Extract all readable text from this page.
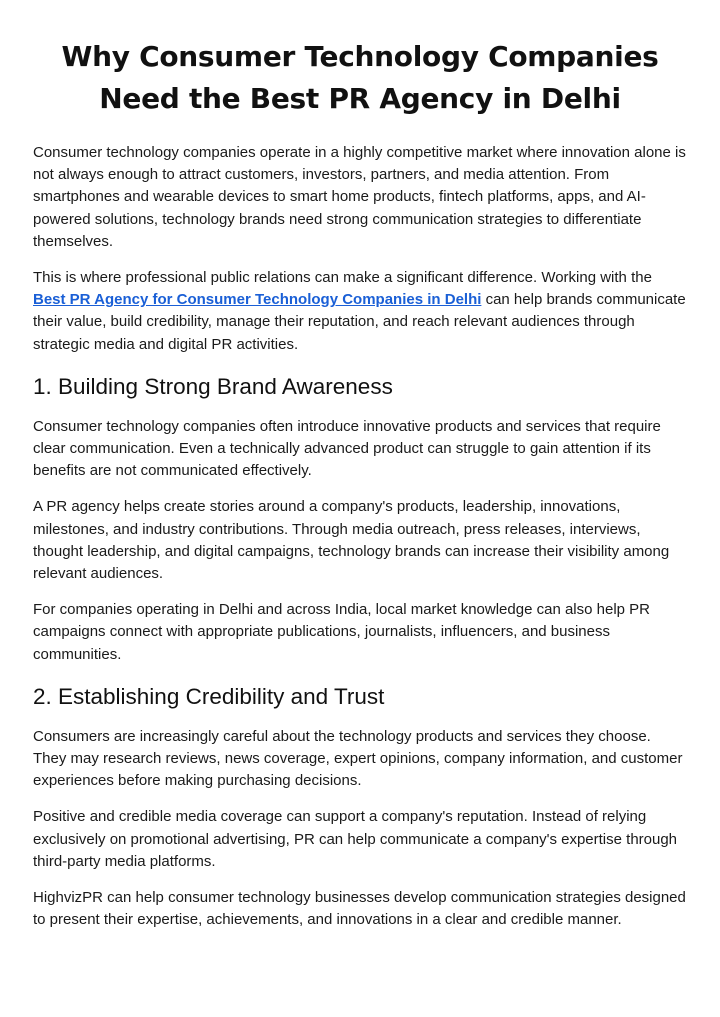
Why Consumer Technology Companies Need the Best PR Agency in Delhi

Consumer technology companies operate in a highly competitive market where innovation alone is not always enough to attract customers, investors, partners, and media attention. From smartphones and wearable devices to smart home products, fintech platforms, apps, and AI-powered solutions, technology brands need strong communication strategies to differentiate themselves.

This is where professional public relations can make a significant difference. Working with the Best PR Agency for Consumer Technology Companies in Delhi can help brands communicate their value, build credibility, manage their reputation, and reach relevant audiences through strategic media and digital PR activities.

1. Building Strong Brand Awareness

Consumer technology companies often introduce innovative products and services that require clear communication. Even a technically advanced product can struggle to gain attention if its benefits are not communicated effectively.

A PR agency helps create stories around a company's products, leadership, innovations, milestones, and industry contributions. Through media outreach, press releases, interviews, thought leadership, and digital campaigns, technology brands can increase their visibility among relevant audiences.

For companies operating in Delhi and across India, local market knowledge can also help PR campaigns connect with appropriate publications, journalists, influencers, and business communities.

2. Establishing Credibility and Trust

Consumers are increasingly careful about the technology products and services they choose. They may research reviews, news coverage, expert opinions, company information, and customer experiences before making purchasing decisions.

Positive and credible media coverage can support a company's reputation. Instead of relying exclusively on promotional advertising, PR can help communicate a company's expertise through third-party media platforms.

HighvizPR can help consumer technology businesses develop communication strategies designed to present their expertise, achievements, and innovations in a clear and credible manner.
